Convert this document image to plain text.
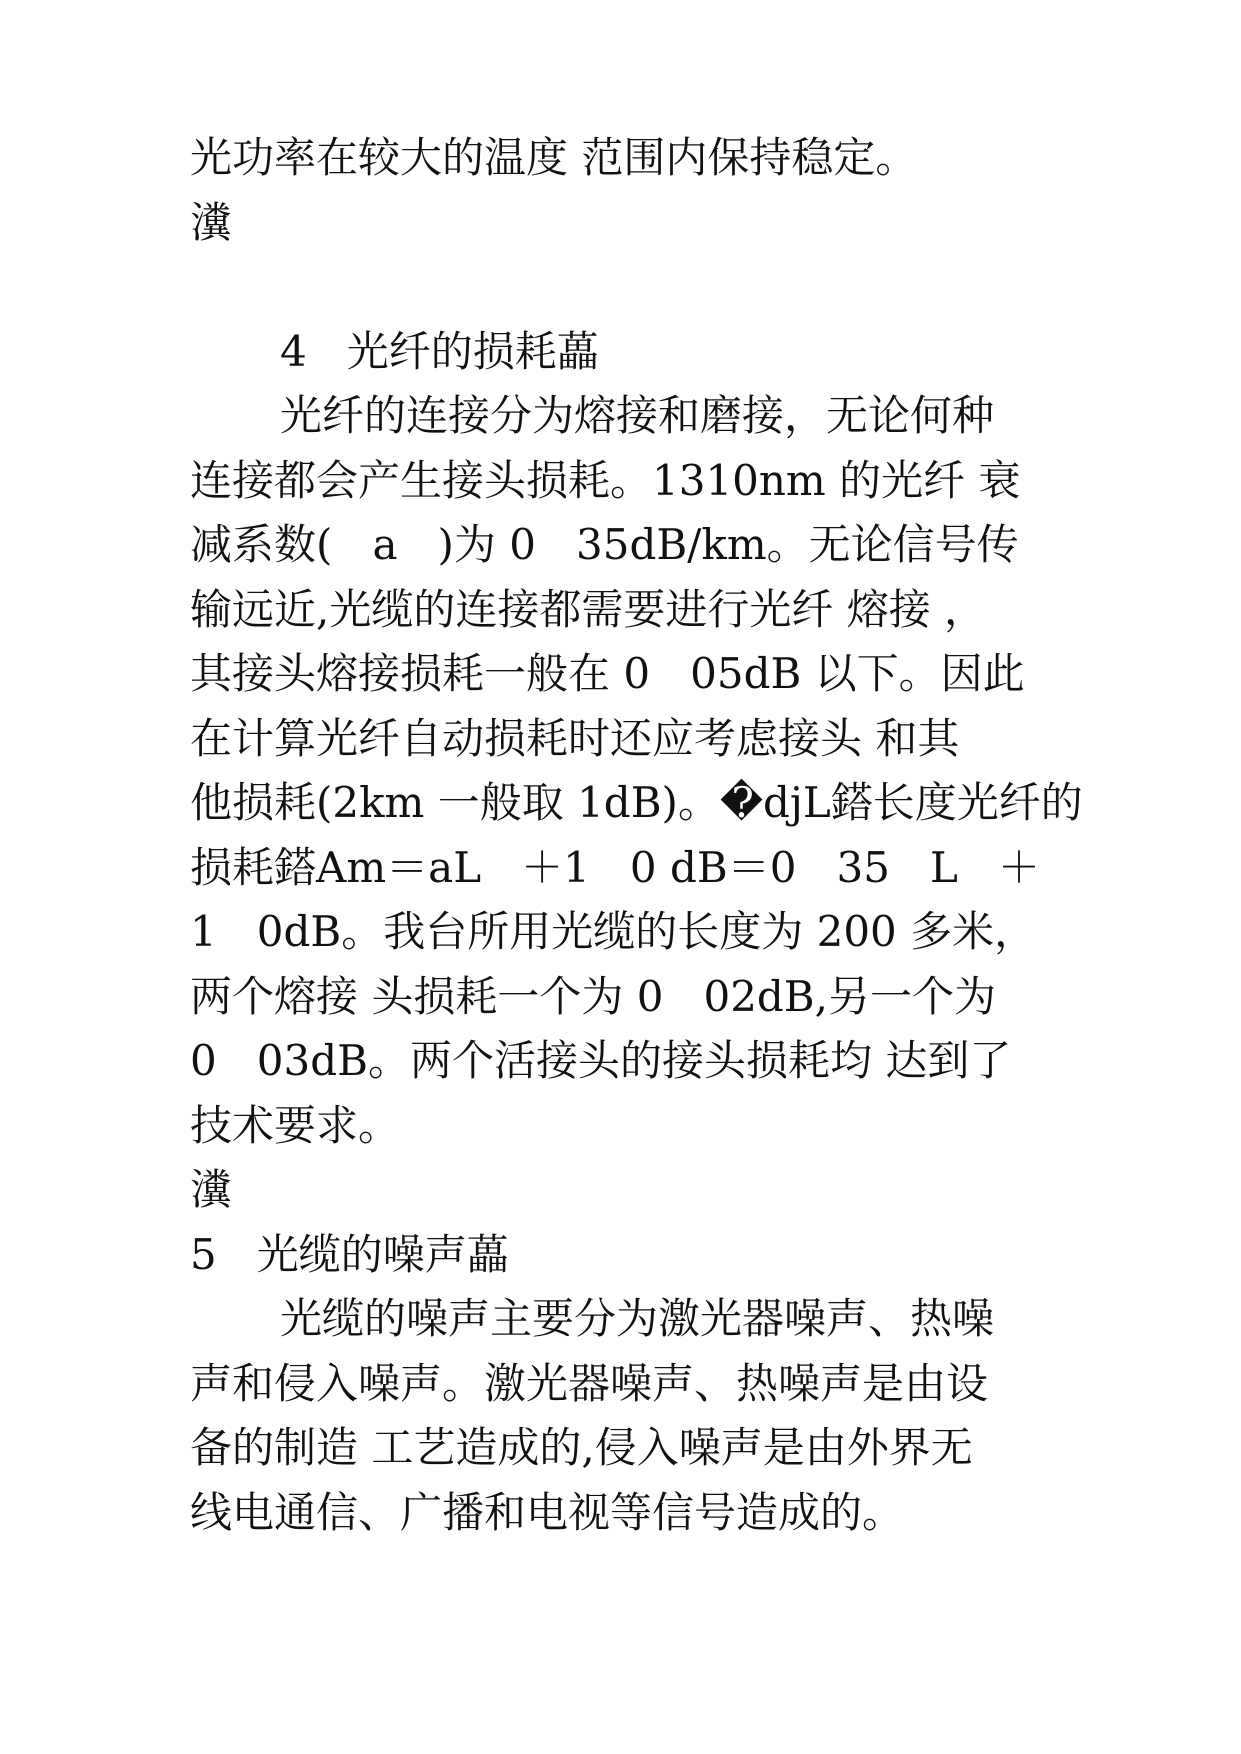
光功率在较大的温度 范围内保持稳定。
瀵
4   光纤的损耗藟
光纤的连接分为熔接和磨接，无论何种
连接都会产生接头损耗。1310nm 的光纤 衰
减系数(   a   )为 0   35dB/km。无论信号传
输远近,光缆的连接都需要进行光纤 熔接 ，
其接头熔接损耗一般在 0   05dB 以下。因此
在计算光纤自动损耗时还应考虑接头 和其
他损耗(2km 一般取 1dB)。�djL鎝长度光纤的
损耗鎝Am＝aL   ＋1   0 dB＝0   35   L   ＋
1   0dB。我台所用光缆的长度为 200 多米，
两个熔接 头损耗一个为 0   02dB,另一个为
0   03dB。两个活接头的接头损耗均 达到了
技术要求。
瀵
5   光缆的噪声藟
光缆的噪声主要分为激光器噪声、热噪
声和侵入噪声。激光器噪声、热噪声是由设
备的制造 工艺造成的,侵入噪声是由外界无
线电通信、广播和电视等信号造成的。
